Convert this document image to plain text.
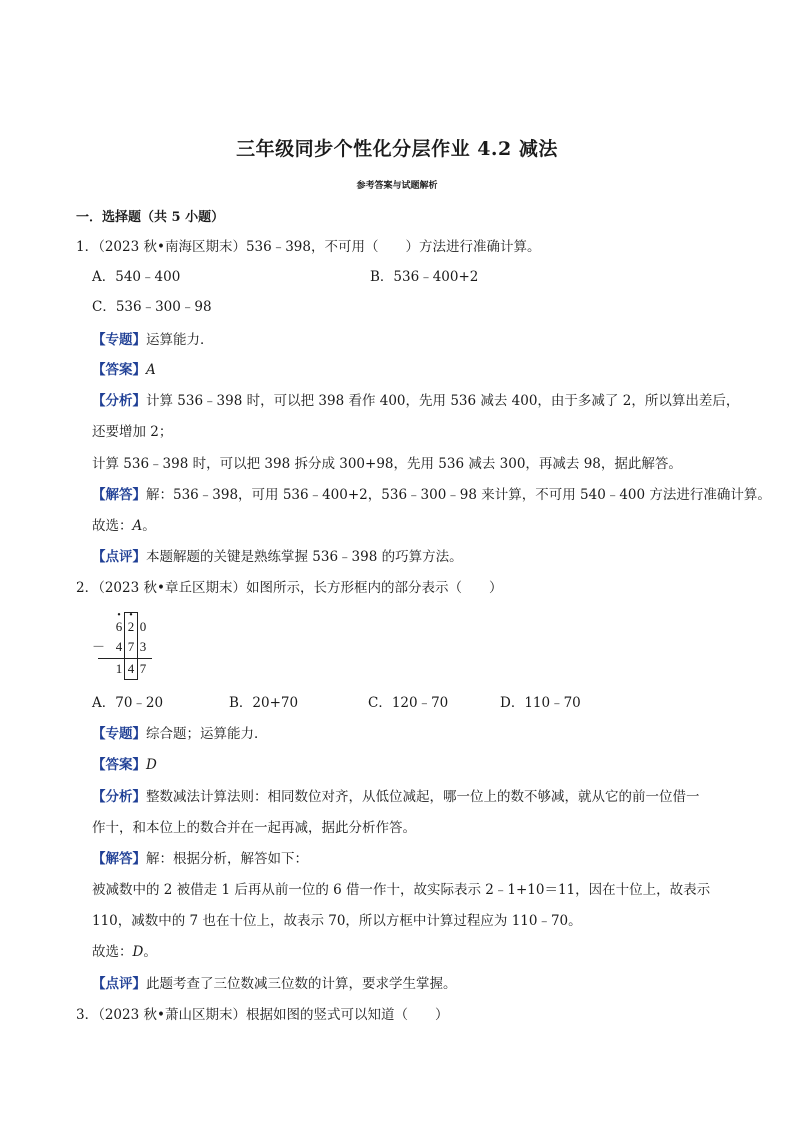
三年级同步个性化分层作业 4.2 减法
参考答案与试题解析
一．选择题（共 5 小题）
1．（2023 秋•南海区期末）536﹣398，不可用（　　）方法进行准确计算。
A．540﹣400	B．536﹣400+2
C．536﹣300﹣98
【专题】运算能力．
【答案】A
【分析】计算 536﹣398 时，可以把 398 看作 400，先用 536 减去 400，由于多减了 2，所以算出差后，
还要增加 2；
计算 536﹣398 时，可以把 398 拆分成 300+98，先用 536 减去 300，再减去 98，据此解答。
【解答】解：536﹣398，可用 536﹣400+2，536﹣300﹣98 来计算，不可用 540﹣400 方法进行准确计算。
故选：A。
【点评】本题解题的关键是熟练掌握 536﹣398 的巧算方法。
2．（2023 秋•章丘区期末）如图所示，长方形框内的部分表示（　　）
• •
6 2 0
－ 4 7 3
1 4 7
A．70﹣20	B．20+70	C．120﹣70	D．110﹣70
【专题】综合题；运算能力．
【答案】D
【分析】整数减法计算法则：相同数位对齐，从低位减起，哪一位上的数不够减，就从它的前一位借一
作十，和本位上的数合并在一起再减，据此分析作答。
【解答】解：根据分析，解答如下：
被减数中的 2 被借走 1 后再从前一位的 6 借一作十，故实际表示 2﹣1+10＝11，因在十位上，故表示
110，减数中的 7 也在十位上，故表示 70，所以方框中计算过程应为 110﹣70。
故选：D。
【点评】此题考查了三位数减三位数的计算，要求学生掌握。
3．（2023 秋•萧山区期末）根据如图的竖式可以知道（　　）
